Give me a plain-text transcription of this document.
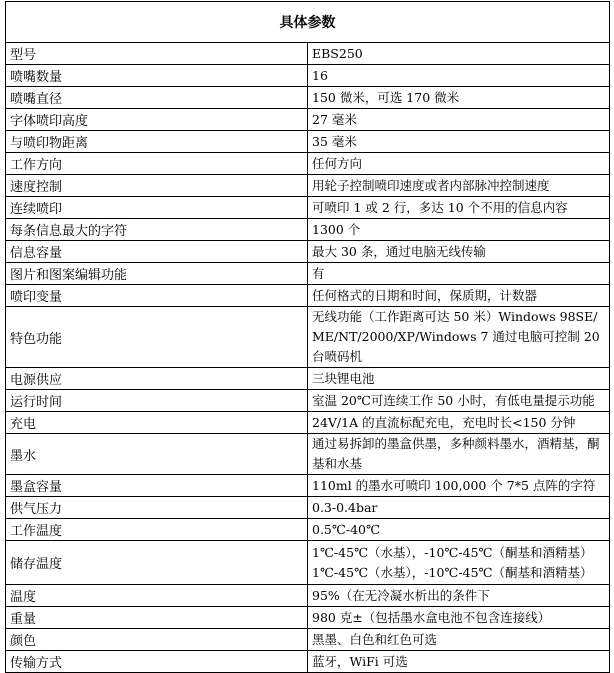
具体参数	
型号	EBS250
喷嘴数量	16
喷嘴直径	150 微米，可选 170 微米
字体喷印高度	27 毫米
与喷印物距离	35 毫米
工作方向	任何方向
速度控制	用轮子控制喷印速度或者内部脉冲控制速度
连续喷印	可喷印 1 或 2 行，多达 10 个不用的信息内容
每条信息最大的字符	1300 个
信息容量	最大 30 条，通过电脑无线传输
图片和图案编辑功能	有
喷印变量	任何格式的日期和时间，保质期，计数器
特色功能	无线功能（工作距离可达 50 米）Windows 98SE/ME/NT/2000/XP/Windows 7 通过电脑可控制 20 台喷码机
电源供应	三块锂电池
运行时间	室温 20℃可连续工作 50 小时，有低电量提示功能
充电	24V/1A 的直流标配充电，充电时长<150 分钟
墨水	通过易拆卸的墨盒供墨，多种颜料墨水，酒精基，酮基和水基
墨盒容量	110ml 的墨水可喷印 100,000 个 7*5 点阵的字符
供气压力	0.3-0.4bar
工作温度	0.5℃-40℃
储存温度	1℃-45℃（水基），-10℃-45℃（酮基和酒精基） 1℃-45℃（水基），-10℃-45℃（酮基和酒精基）
温度	95%（在无冷凝水析出的条件下
重量	980 克±（包括墨水盒电池不包含连接线）
颜色	黑墨、白色和红色可选
传输方式	蓝牙，WiFi 可选
